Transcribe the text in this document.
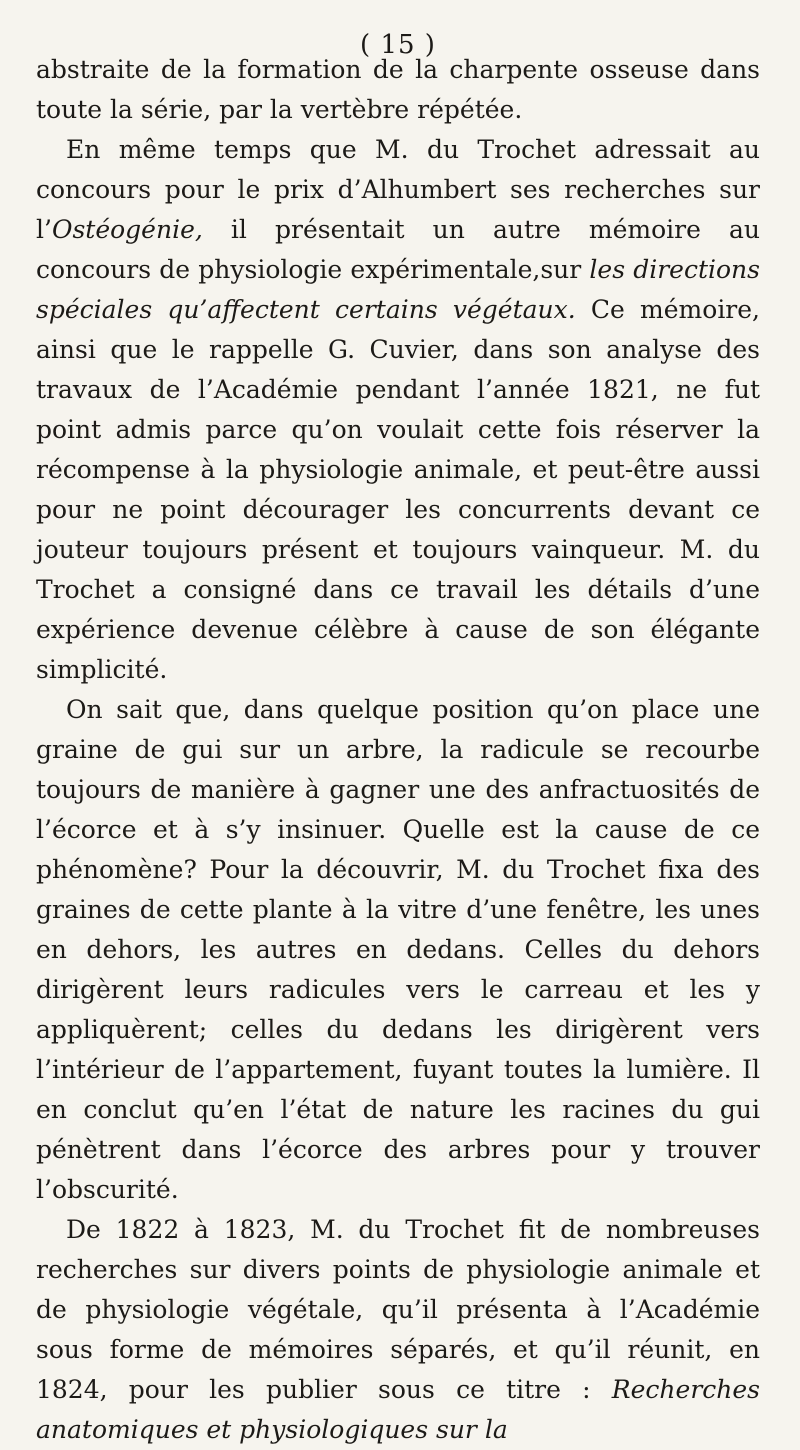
( 15 )

abstraite de la formation de la charpente osseuse dans toute la série, par la vertèbre répétée.

En même temps que M. du Trochet adressait au concours pour le prix d’Alhumbert ses recherches sur l’Ostéogénie, il présentait un autre mémoire au concours de physiologie expérimentale,sur les directions spéciales qu’affectent certains végétaux. Ce mémoire, ainsi que le rappelle G. Cuvier, dans son analyse des travaux de l’Académie pendant l’année 1821, ne fut point admis parce qu’on voulait cette fois réserver la récompense à la physiologie animale, et peut-être aussi pour ne point décourager les concurrents devant ce jouteur toujours présent et toujours vainqueur. M. du Trochet a consigné dans ce travail les détails d’une expérience devenue célèbre à cause de son élégante simplicité.

On sait que, dans quelque position qu’on place une graine de gui sur un arbre, la radicule se recourbe toujours de manière à gagner une des anfractuosités de l’écorce et à s’y insinuer. Quelle est la cause de ce phénomène? Pour la découvrir, M. du Trochet fixa des graines de cette plante à la vitre d’une fenêtre, les unes en dehors, les autres en dedans. Celles du dehors dirigèrent leurs radicules vers le carreau et les y appliquèrent; celles du dedans les dirigèrent vers l’intérieur de l’appartement, fuyant toutes la lumière. Il en conclut qu’en l’état de nature les racines du gui pénètrent dans l’écorce des arbres pour y trouver l’obscurité.

De 1822 à 1823, M. du Trochet fit de nombreuses recherches sur divers points de physiologie animale et de physiologie végétale, qu’il présenta à l’Académie sous forme de mémoires séparés, et qu’il réunit, en 1824, pour les publier sous ce titre : Recherches anatomiques et physiologiques sur la
